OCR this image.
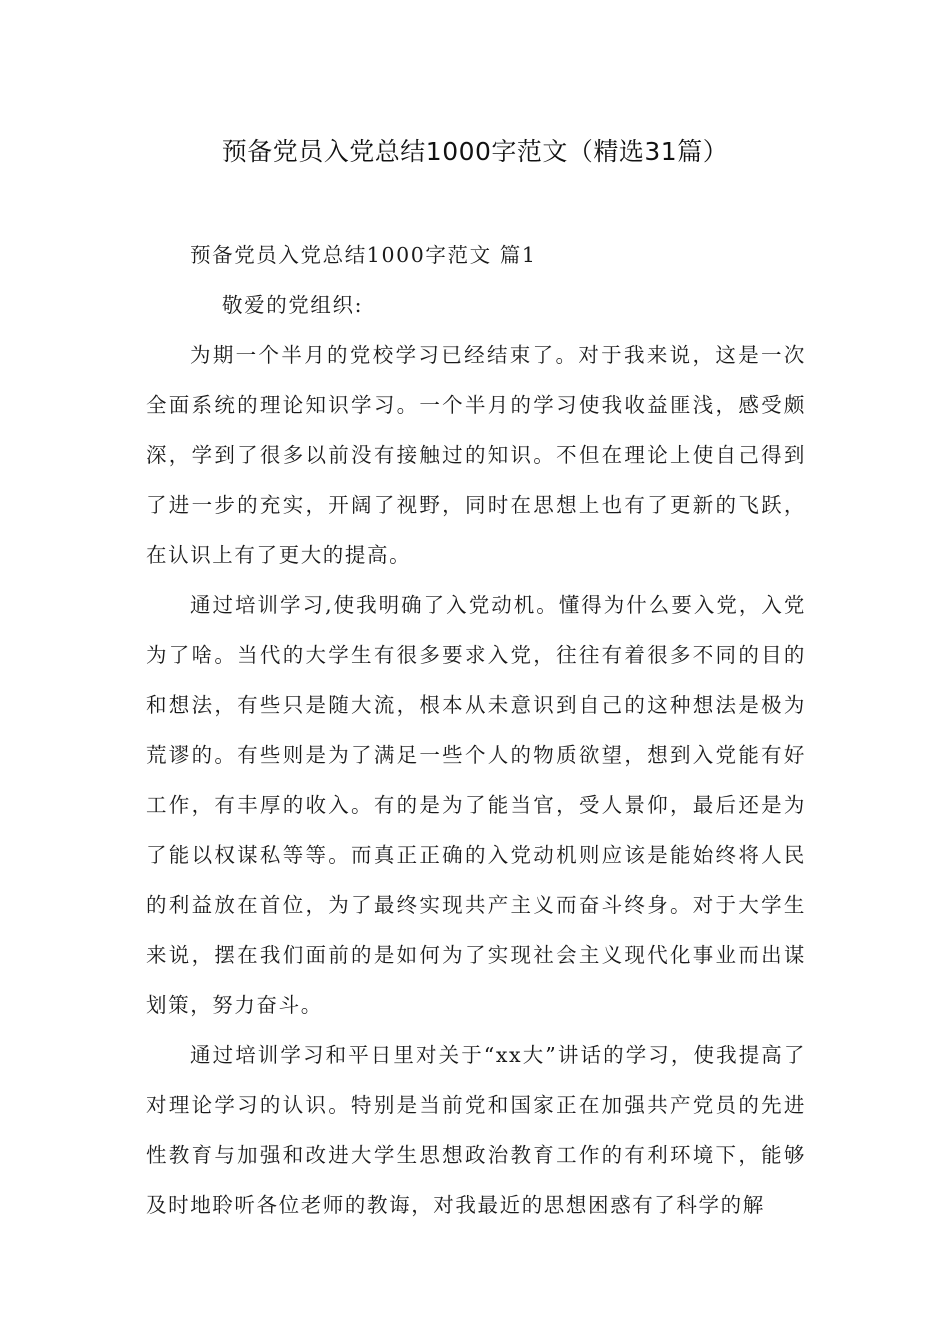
预备党员入党总结1000字范文（精选31篇）
预备党员入党总结1000字范文 篇1

敬爱的党组织:

为期一个半月的党校学习已经结束了。对于我来说，这是一次全面系统的理论知识学习。一个半月的学习使我收益匪浅，感受颇深，学到了很多以前没有接触过的知识。不但在理论上使自己得到了进一步的充实，开阔了视野，同时在思想上也有了更新的飞跃，在认识上有了更大的提高。

通过培训学习,使我明确了入党动机。懂得为什么要入党，入党为了啥。当代的大学生有很多要求入党，往往有着很多不同的目的和想法，有些只是随大流，根本从未意识到自己的这种想法是极为荒谬的。有些则是为了满足一些个人的物质欲望，想到入党能有好工作，有丰厚的收入。有的是为了能当官，受人景仰，最后还是为了能以权谋私等等。而真正正确的入党动机则应该是能始终将人民的利益放在首位，为了最终实现共产主义而奋斗终身。对于大学生来说，摆在我们面前的是如何为了实现社会主义现代化事业而出谋划策，努力奋斗。

通过培训学习和平日里对关于“xx大”讲话的学习，使我提高了对理论学习的认识。特别是当前党和国家正在加强共产党员的先进性教育与加强和改进大学生思想政治教育工作的有利环境下，能够及时地聆听各位老师的教诲，对我最近的思想困惑有了科学的解
